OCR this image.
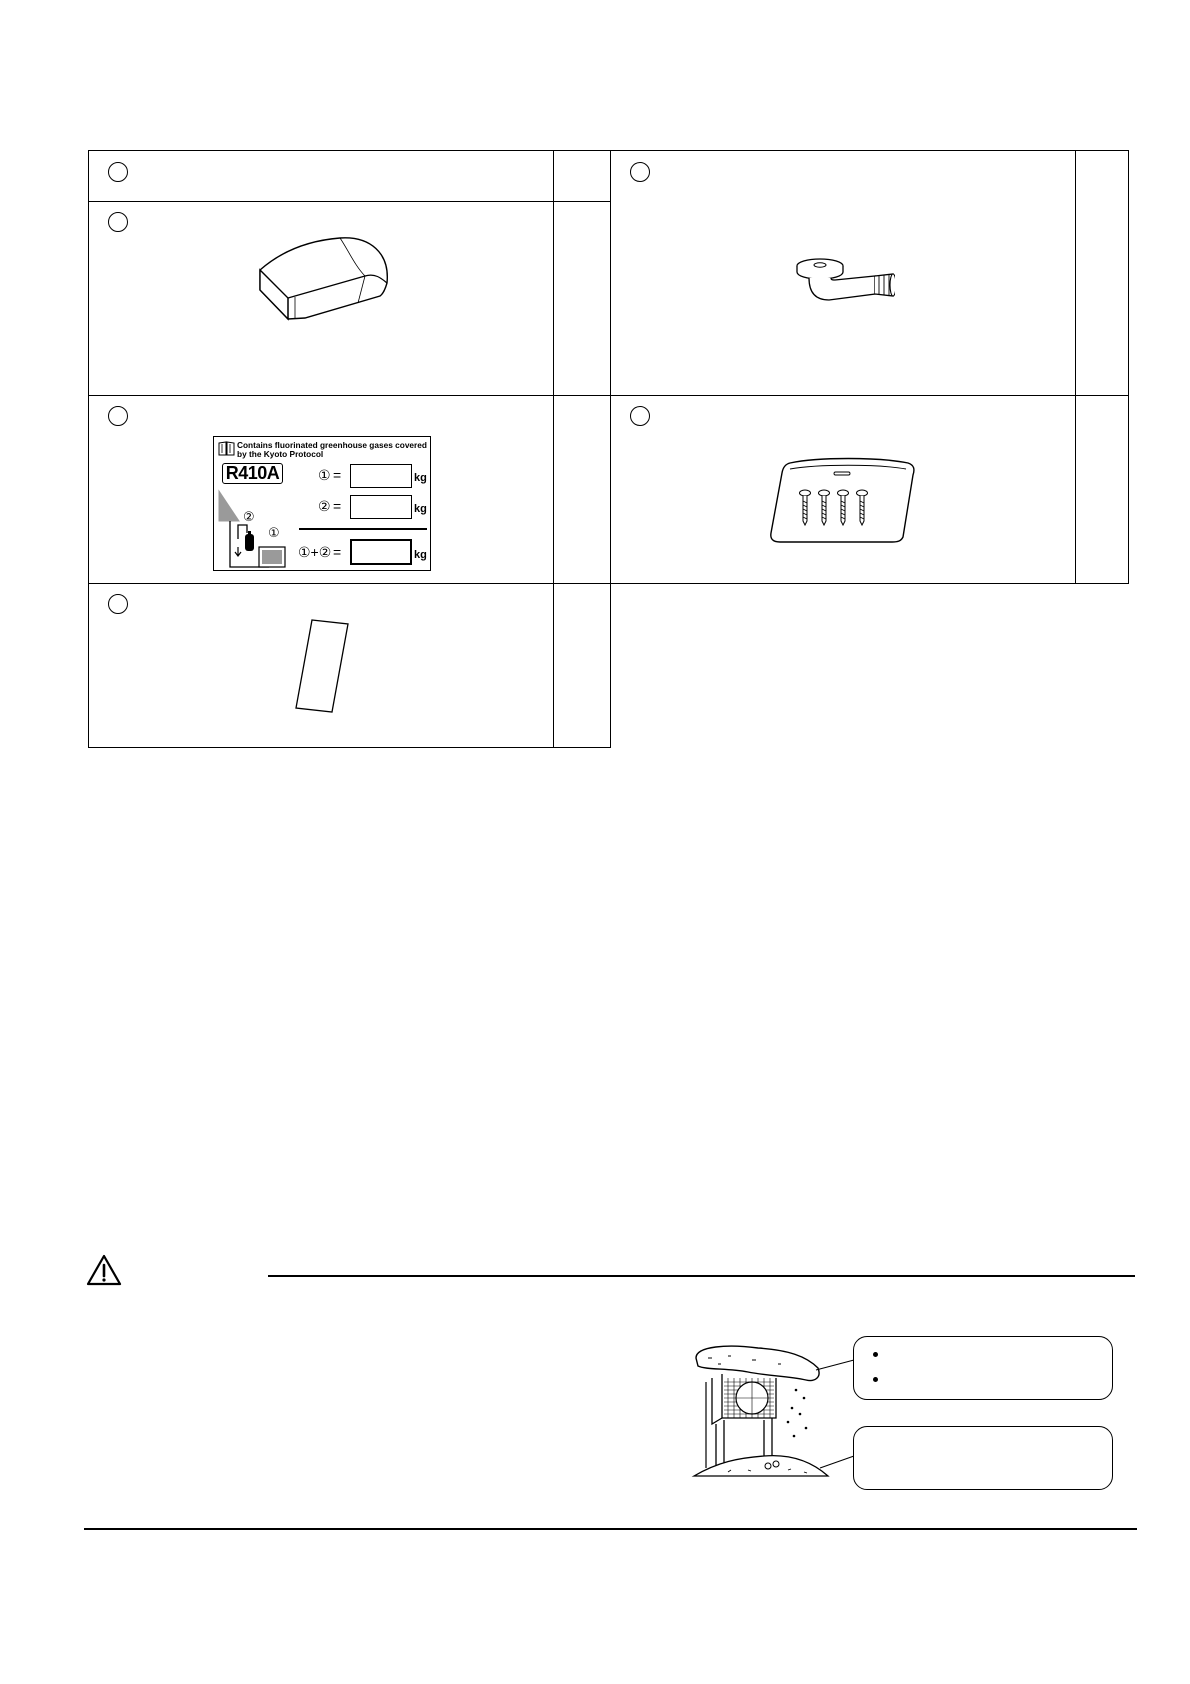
Contains fluorinated greenhouse gases covered
by the Kyoto Protocol
R410A	① =	kg
② =	kg
①+② =	kg
②
①
